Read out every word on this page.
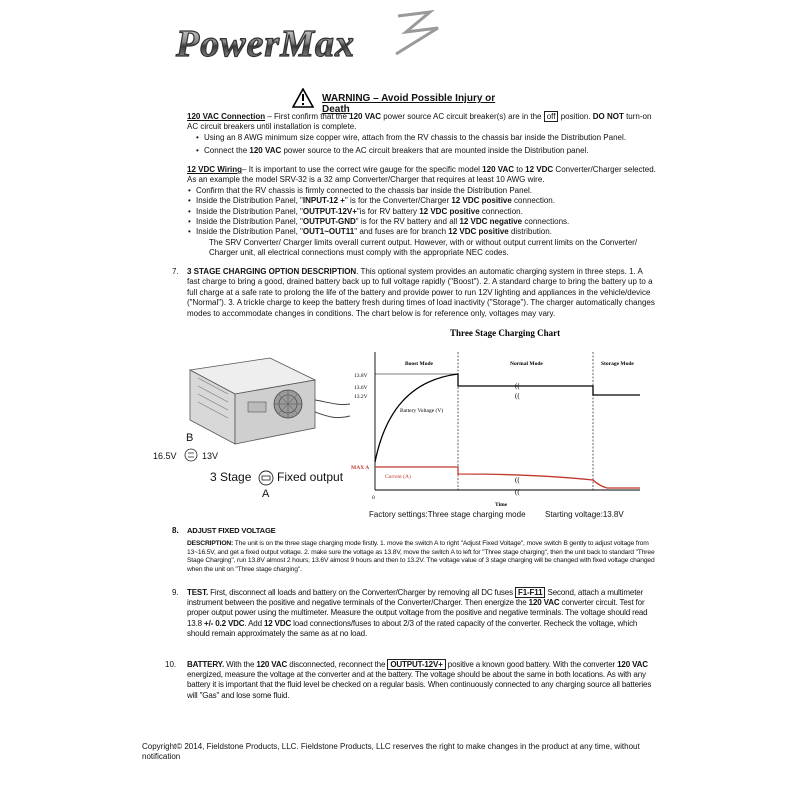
PowerMax
WARNING – Avoid Possible Injury or Death
120 VAC Connection – First confirm that the 120 VAC power source AC circuit breaker(s) are in the off position. DO NOT turn-on AC circuit breakers until installation is complete.
• Using an 8 AWG minimum size copper wire, attach from the RV chassis to the chassis bar inside the Distribution Panel.
• Connect the 120 VAC power source to the AC circuit breakers that are mounted inside the Distribution panel.
12 VDC Wiring– It is important to use the correct wire gauge for the specific model 120 VAC to 12 VDC Converter/Charger selected. As an example the model SRV-32 is a 32 amp Converter/Charger that requires at least 10 AWG wire.
• Confirm that the RV chassis is firmly connected to the chassis bar inside the Distribution Panel.
• Inside the Distribution Panel, "INPUT-12 +" is for the Converter/Charger 12 VDC positive connection.
• Inside the Distribution Panel, "OUTPUT-12V+"is for RV battery 12 VDC positive connection.
• Inside the Distribution Panel, "OUTPUT-GND" is for the RV battery and all 12 VDC negative connections.
• Inside the Distribution Panel, "OUT1~OUT11" and fuses are for branch 12 VDC positive distribution.
The SRV Converter/ Charger limits overall current output. However, with or without output current limits on the Converter/ Charger unit, all electrical connections must comply with the appropriate NEC codes.
7. 3 STAGE CHARGING OPTION DESCRIPTION. This optional system provides an automatic charging system in three steps. 1. A fast charge to bring a good, drained battery back up to full voltage rapidly ("Boost"). 2. A standard charge to bring the battery up to a full charge at a safe rate to prolong the life of the battery and provide power to run 12V lighting and appliances in the vehicle/device ("Normal"). 3. A trickle charge to keep the battery fresh during times of load inactivity ("Storage"). The charger automatically changes modes to accommodate changes in conditions. The chart below is for reference only, voltages may vary.
B
16.5V	13V
3 Stage Fixed output
A
Three Stage Charging Chart
Boost Mode	Normal Mode	Storage Mode
13.8V
13.6V
13.2V
MAX A
0
Time
Battery Voltage (V)
Current (A)
((
((
((
((
Factory settings:Three stage charging mode Starting voltage:13.8V
8. ADJUST FIXED VOLTAGE
DESCRIPTION: The unit is on the three stage charging mode firstly. 1. move the switch A to right "Adjust Fixed Voltage", move switch B gently to adjust voltage from 13~16.5V, and get a fixed output voltage. 2. make sure the voltage as 13.8V, move the switch A to left for "Three stage charging", then the unit back to standard "Three Stage Charging", run 13.8V almost 2 hours, 13.6V almost 9 hours and then to 13.2V. The voltage value of 3 stage charging will be changed with fixed voltage changed when the unit on "Three stage charging".
9. TEST. First, disconnect all loads and battery on the Converter/Charger by removing all DC fuses F1-F11 Second, attach a multimeter instrument between the positive and negative terminals of the Converter/Charger. Then energize the 120 VAC converter circuit. Test for proper output power using the multimeter. Measure the output voltage from the positive and negative terminals. The voltage should read 13.8 +/- 0.2 VDC. Add 12 VDC load connections/fuses to about 2/3 of the rated capacity of the converter. Recheck the voltage, which should remain approximately the same as at no load.
10. BATTERY. With the 120 VAC disconnected, reconnect the OUTPUT-12V+ positive a known good battery. With the converter 120 VAC energized, measure the voltage at the converter and at the battery. The voltage should be about the same in both locations. As with any battery it is important that the fluid level be checked on a regular basis. When continuously connected to any charging source all batteries will "Gas" and lose some fluid.
Copyright© 2014, Fieldstone Products, LLC. Fieldstone Products, LLC reserves the right to make changes in the product at any time, without notification
